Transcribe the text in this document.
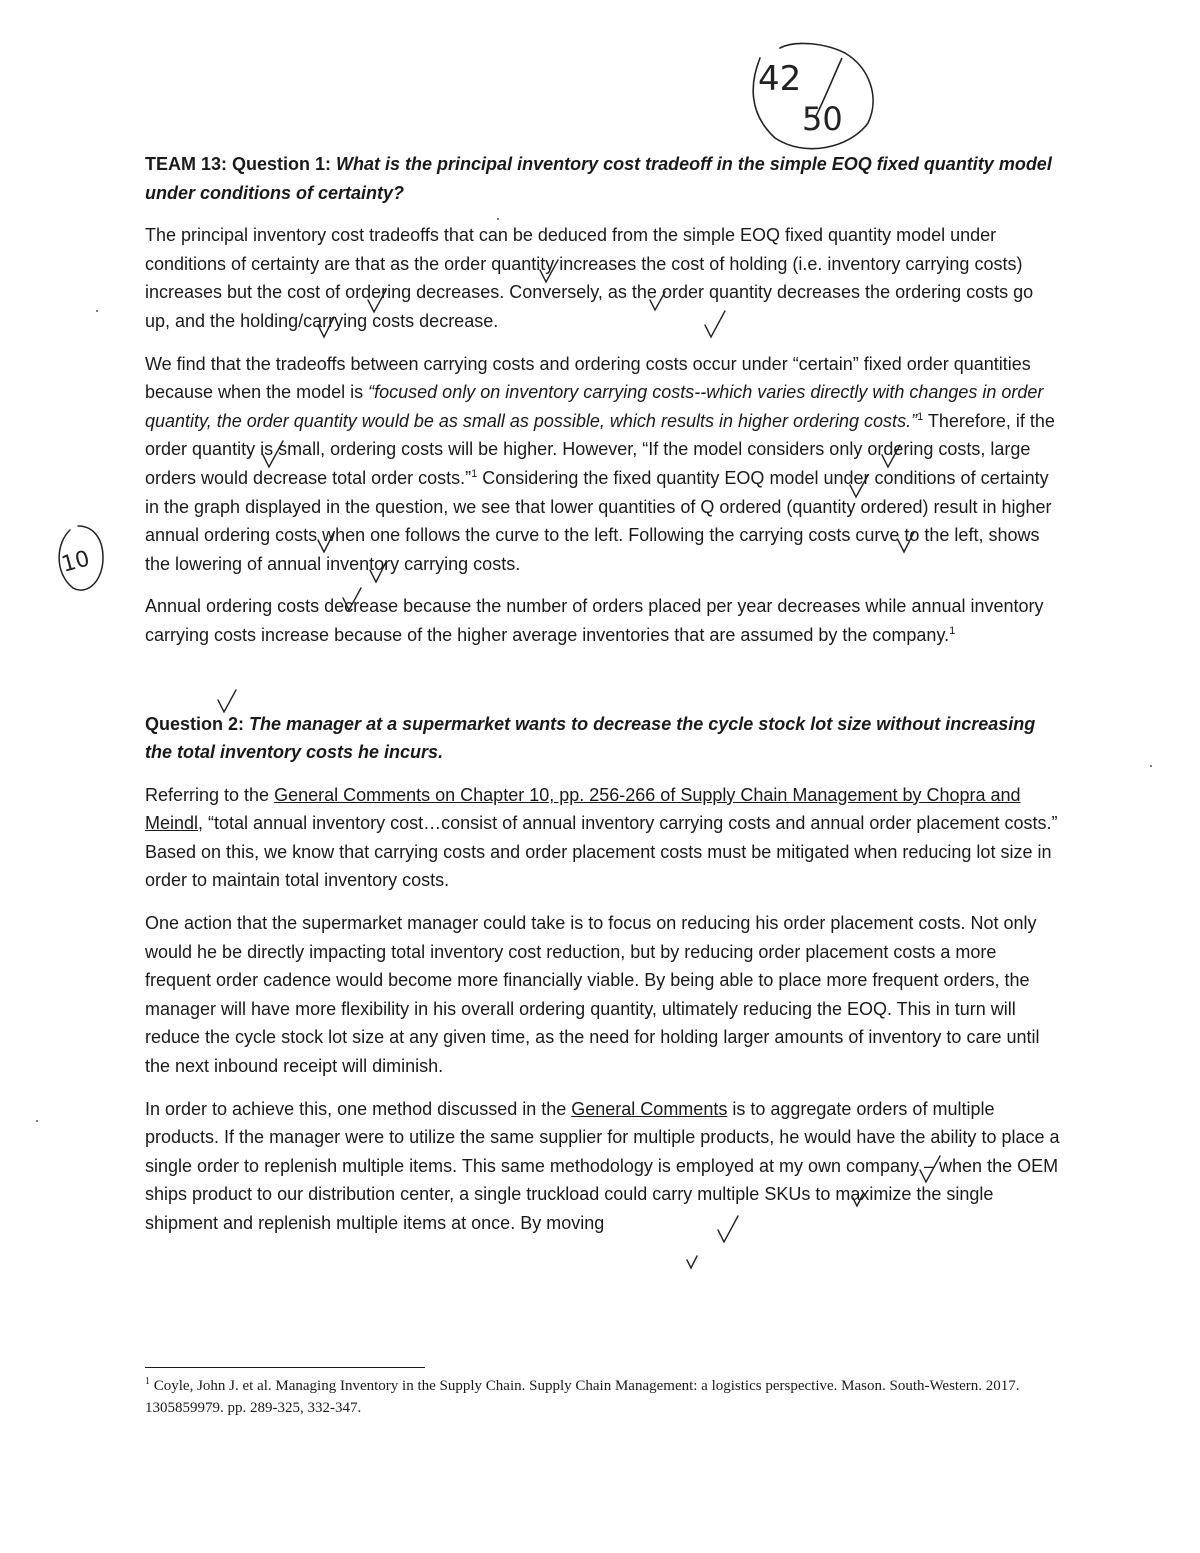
42
50
10
TEAM 13: Question 1: What is the principal inventory cost tradeoff in the simple EOQ fixed quantity model under conditions of certainty?

The principal inventory cost tradeoffs that can be deduced from the simple EOQ fixed quantity model under conditions of certainty are that as the order quantity increases the cost of holding (i.e. inventory carrying costs) increases but the cost of ordering decreases. Conversely, as the order quantity decreases the ordering costs go up, and the holding/carrying costs decrease.

We find that the tradeoffs between carrying costs and ordering costs occur under “certain” fixed order quantities because when the model is “focused only on inventory carrying costs--which varies directly with changes in order quantity, the order quantity would be as small as possible, which results in higher ordering costs.”$^1$ Therefore, if the order quantity is small, ordering costs will be higher. However, “If the model considers only ordering costs, large orders would decrease total order costs.”$^1$ Considering the fixed quantity EOQ model under conditions of certainty in the graph displayed in the question, we see that lower quantities of Q ordered (quantity ordered) result in higher annual ordering costs when one follows the curve to the left. Following the carrying costs curve to the left, shows the lowering of annual inventory carrying costs.

Annual ordering costs decrease because the number of orders placed per year decreases while annual inventory carrying costs increase because of the higher average inventories that are assumed by the company.$^1$

Question 2: The manager at a supermarket wants to decrease the cycle stock lot size without increasing the total inventory costs he incurs.

Referring to the General Comments on Chapter 10, pp. 256-266 of Supply Chain Management by Chopra and Meindl, “total annual inventory cost…consist of annual inventory carrying costs and annual order placement costs.” Based on this, we know that carrying costs and order placement costs must be mitigated when reducing lot size in order to maintain total inventory costs.

One action that the supermarket manager could take is to focus on reducing his order placement costs. Not only would he be directly impacting total inventory cost reduction, but by reducing order placement costs a more frequent order cadence would become more financially viable. By being able to place more frequent orders, the manager will have more flexibility in his overall ordering quantity, ultimately reducing the EOQ. This in turn will reduce the cycle stock lot size at any given time, as the need for holding larger amounts of inventory to care until the next inbound receipt will diminish.

In order to achieve this, one method discussed in the General Comments is to aggregate orders of multiple products. If the manager were to utilize the same supplier for multiple products, he would have the ability to place a single order to replenish multiple items. This same methodology is employed at my own company – when the OEM ships product to our distribution center, a single truckload could carry multiple SKUs to maximize the single shipment and replenish multiple items at once. By moving

$^1$ Coyle, John J. et al. Managing Inventory in the Supply Chain. Supply Chain Management: a logistics perspective. Mason. South-Western. 2017. 1305859979. pp. 289-325, 332-347.
